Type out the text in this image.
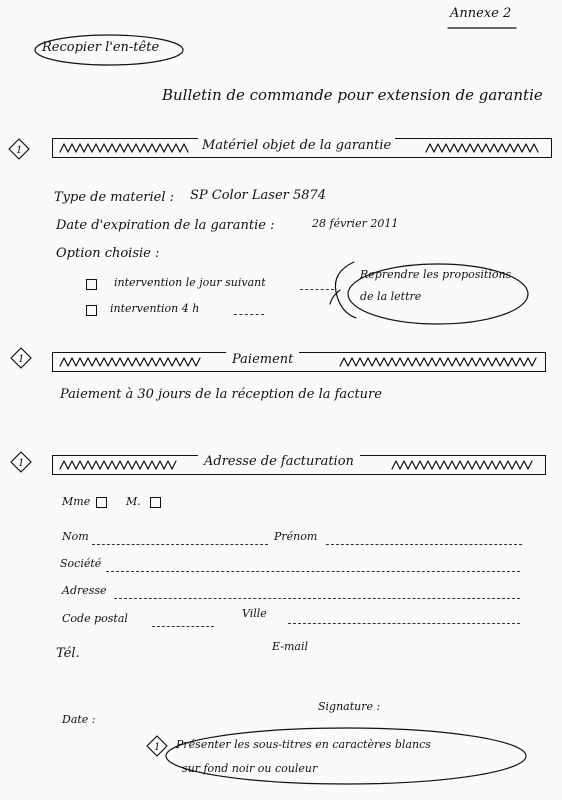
Annexe 2
Recopier l'en-tête
Bulletin de commande pour extension de garantie
1	Matériel objet de la garantie
Type de materiel : SP Color Laser 5874
Date d'expiration de la garantie :	28 février 2011
Option choisie :
intervention le jour suivant
intervention 4 h
Reprendre les propositions
de la lettre
1	Paiement
Paiement à 30 jours de la réception de la facture
1	Adresse de facturation
Mme	M.
Nom	Prénom
Société
Adresse
Code postal	Ville
Tél.	E-mail
Signature :
Date :
1 Présenter les sous-titres en caractères blancs
sur fond noir ou couleur
